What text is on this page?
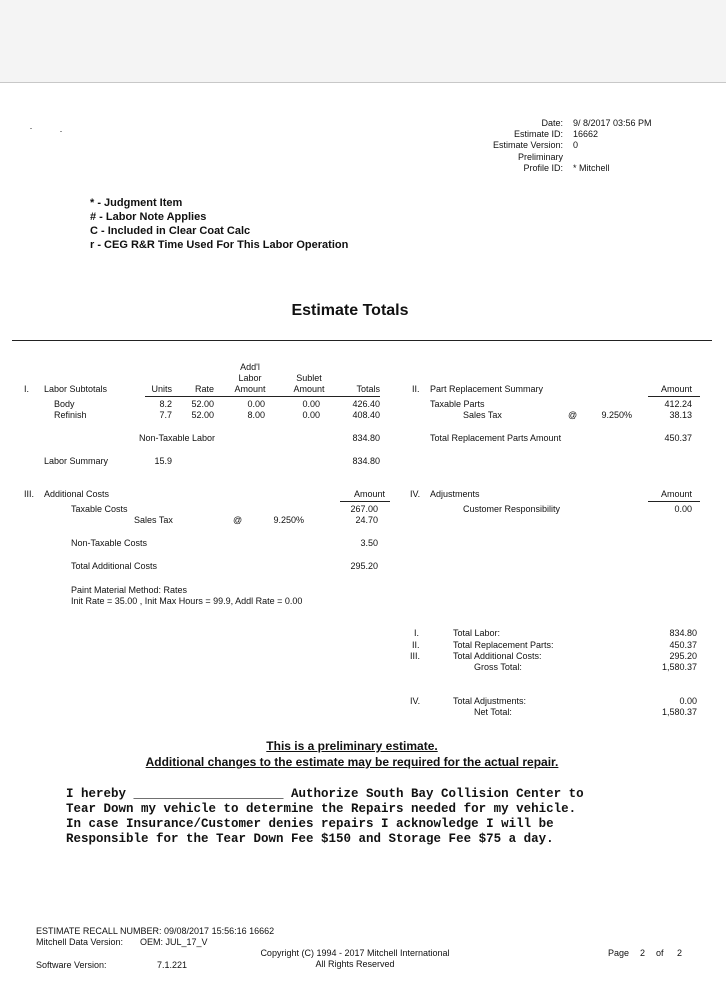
Date: 9/ 8/2017 03:56 PM
Estimate ID: 16662
Estimate Version: 0
Preliminary
Profile ID: * Mitchell
* - Judgment Item
# - Labor Note Applies
C - Included in Clear Coat Calc
r - CEG R&R Time Used For This Labor Operation
Estimate Totals
Add'l
Labor	Sublet
I. Labor Subtotals	Units	Rate	Amount	Amount	Totals
Body	8.2 52.00	0.00	0.00	426.40
Refinish	7.7 52.00	8.00	0.00	408.40
Non-Taxable Labor	834.80
Labor Summary	15.9	834.80
II. Part Replacement Summary	Amount
Taxable Parts	412.24
Sales Tax	@	9.250%	38.13
Total Replacement Parts Amount	450.37
III. Additional Costs	Amount
Taxable Costs	267.00
Sales Tax	@	9.250%	24.70
Non-Taxable Costs	3.50
Total Additional Costs	295.20
Paint Material Method: Rates
Init Rate = 35.00 , Init Max Hours = 99.9, Addl Rate = 0.00
IV. Adjustments	Amount
Customer Responsibility	0.00
I.	Total Labor:	834.80
II.	Total Replacement Parts:	450.37
III.	Total Additional Costs:	295.20
Gross Total:	1,580.37
IV.	Total Adjustments:	0.00
Net Total:	1,580.37
This is a preliminary estimate.
Additional changes to the estimate may be required for the actual repair.
I hereby ____________________ Authorize South Bay Collision Center to
Tear Down my vehicle to determine the Repairs needed for my vehicle.
In case Insurance/Customer denies repairs I acknowledge I will be
Responsible for the Tear Down Fee $150 and Storage Fee $75 a day.
ESTIMATE RECALL NUMBER: 09/08/2017 15:56:16 16662
Mitchell Data Version: OEM: JUL_17_V
Software Version:	7.1.221
Copyright (C) 1994 - 2017 Mitchell International
All Rights Reserved
Page 2 of 2
